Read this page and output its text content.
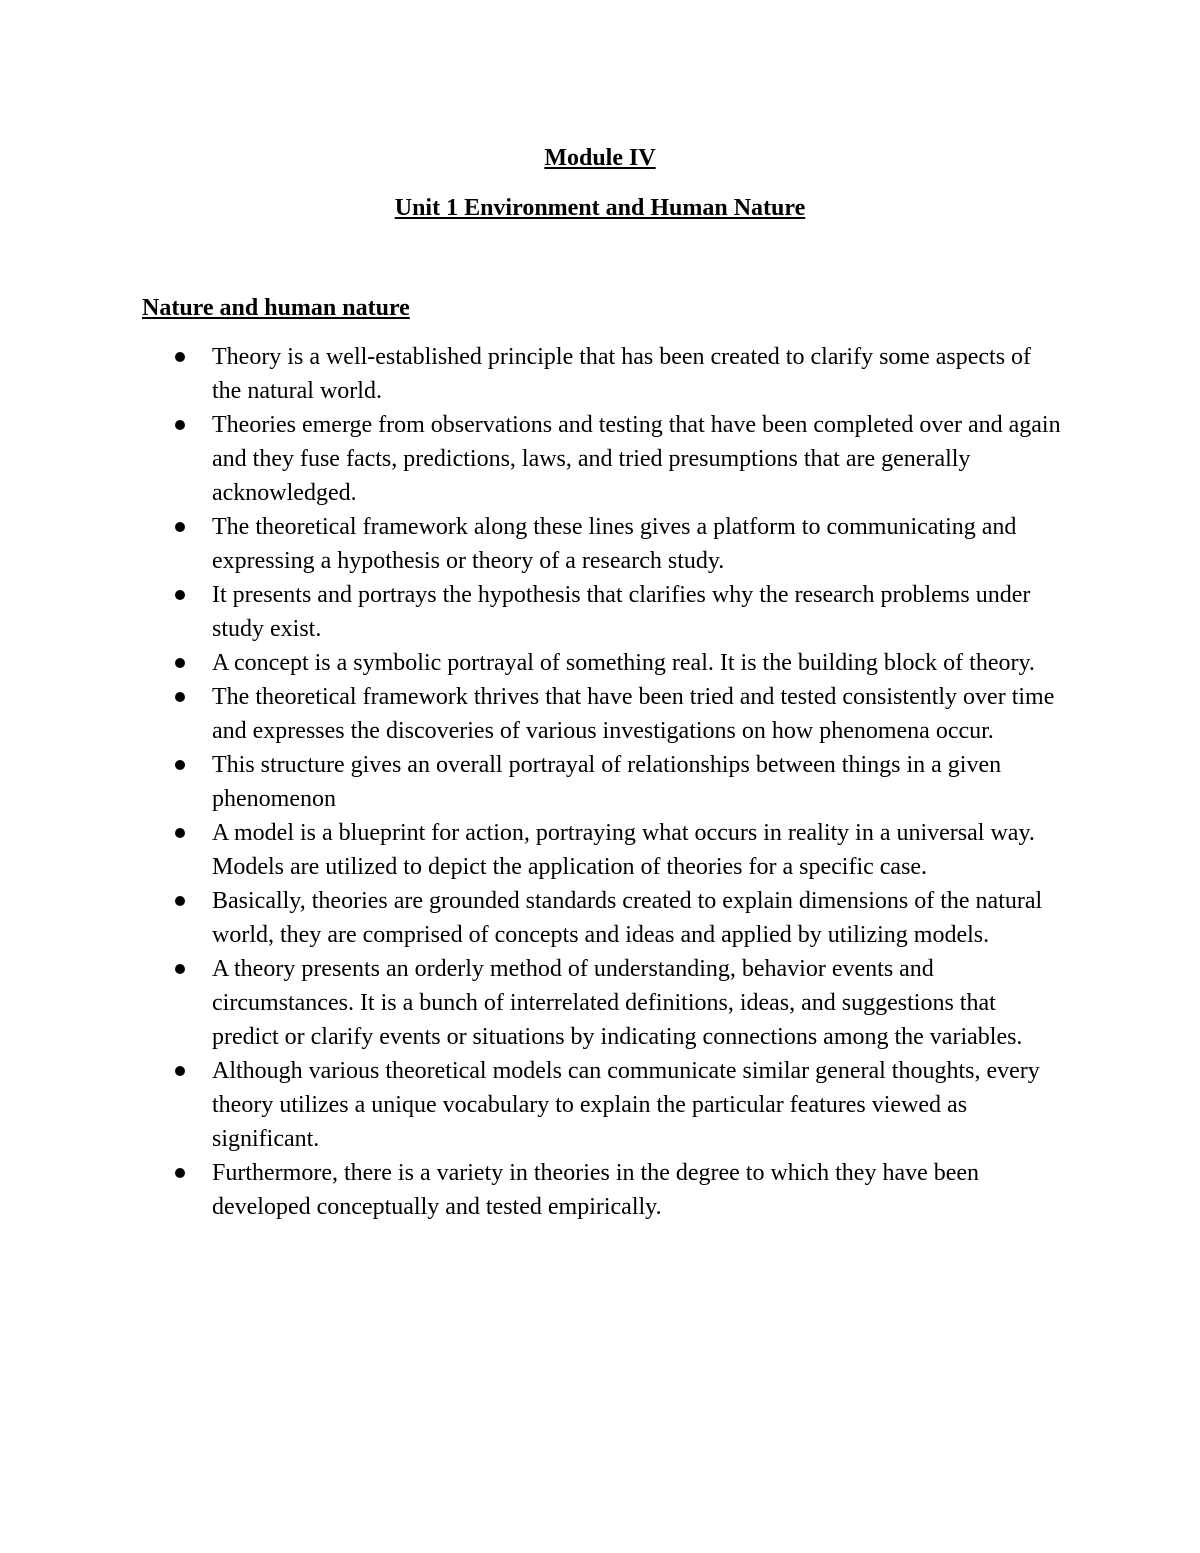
Module IV
Unit 1 Environment and Human Nature
Nature and human nature
Theory is a well-established principle that has been created to clarify some aspects of the natural world.
Theories emerge from observations and testing that have been completed over and again and they fuse facts, predictions, laws, and tried presumptions that are generally acknowledged.
The theoretical framework along these lines gives a platform to communicating and expressing a hypothesis or theory of a research study.
It presents and portrays the hypothesis that clarifies why the research problems under study exist.
A concept is a symbolic portrayal of something real. It is the building block of theory.
The theoretical framework thrives that have been tried and tested consistently over time and expresses the discoveries of various investigations on how phenomena occur.
This structure gives an overall portrayal of relationships between things in a given phenomenon
A model is a blueprint for action, portraying what occurs in reality in a universal way. Models are utilized to depict the application of theories for a specific case.
Basically, theories are grounded standards created to explain dimensions of the natural world, they are comprised of concepts and ideas and applied by utilizing models.
A theory presents an orderly method of understanding, behavior events and circumstances. It is a bunch of interrelated definitions, ideas, and suggestions that predict or clarify events or situations by indicating connections among the variables.
Although various theoretical models can communicate similar general thoughts, every theory utilizes a unique vocabulary to explain the particular features viewed as significant.
Furthermore, there is a variety in theories in the degree to which they have been developed conceptually and tested empirically.
